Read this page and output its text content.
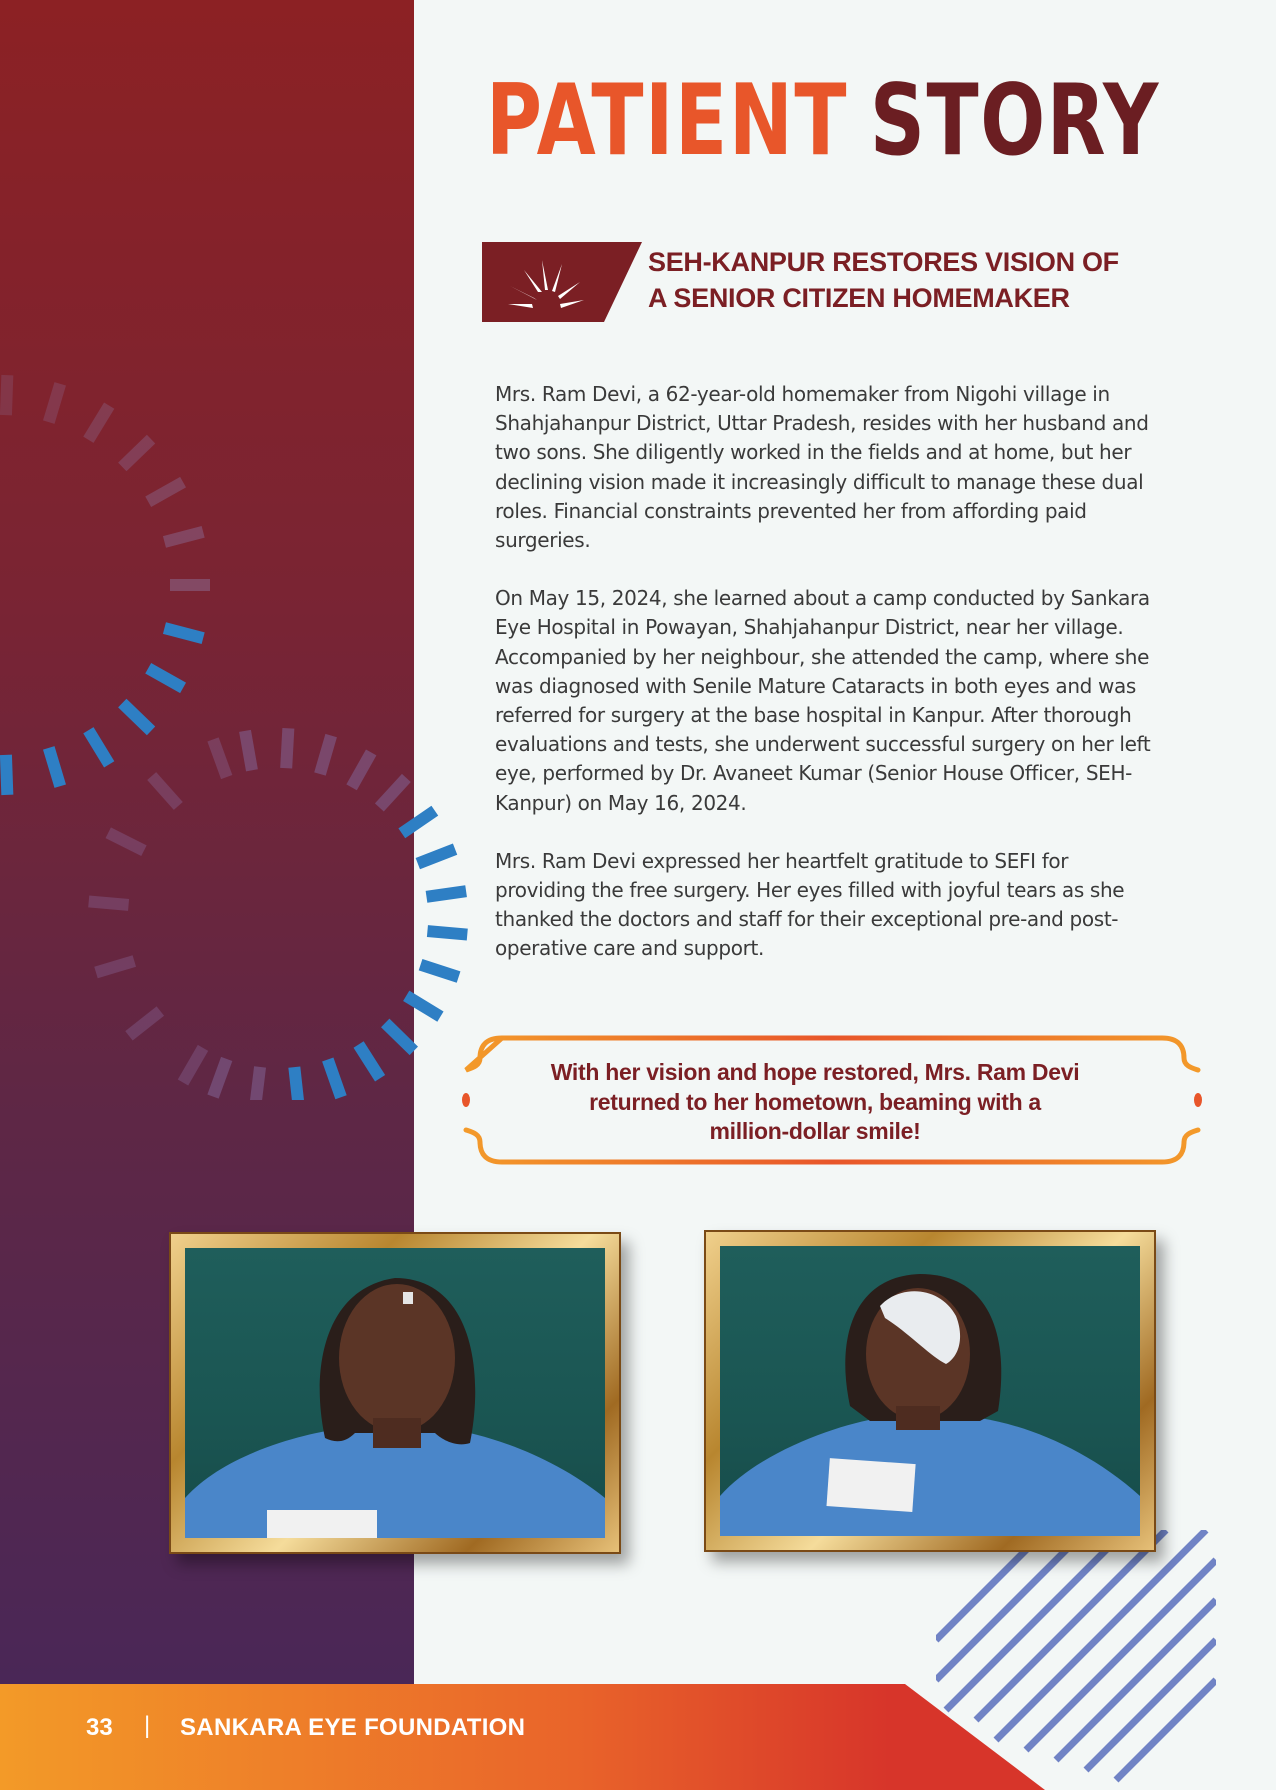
PATIENT STORY
SEH-KANPUR RESTORES VISION OF
A SENIOR CITIZEN HOMEMAKER

Mrs. Ram Devi, a 62-year-old homemaker from Nigohi village in Shahjahanpur District, Uttar Pradesh, resides with her husband and two sons. She diligently worked in the fields and at home, but her declining vision made it increasingly difficult to manage these dual roles. Financial constraints prevented her from affording paid surgeries.

On May 15, 2024, she learned about a camp conducted by Sankara Eye Hospital in Powayan, Shahjahanpur District, near her village. Accompanied by her neighbour, she attended the camp, where she was diagnosed with Senile Mature Cataracts in both eyes and was referred for surgery at the base hospital in Kanpur. After thorough evaluations and tests, she underwent successful surgery on her left eye, performed by Dr. Avaneet Kumar (Senior House Officer, SEH-Kanpur) on May 16, 2024.

Mrs. Ram Devi expressed her heartfelt gratitude to SEFI for providing the free surgery. Her eyes filled with joyful tears as she thanked the doctors and staff for their exceptional pre-and post-operative care and support.

With her vision and hope restored, Mrs. Ram Devi
returned to her hometown, beaming with a
million-dollar smile!
33 | SANKARA EYE FOUNDATION
